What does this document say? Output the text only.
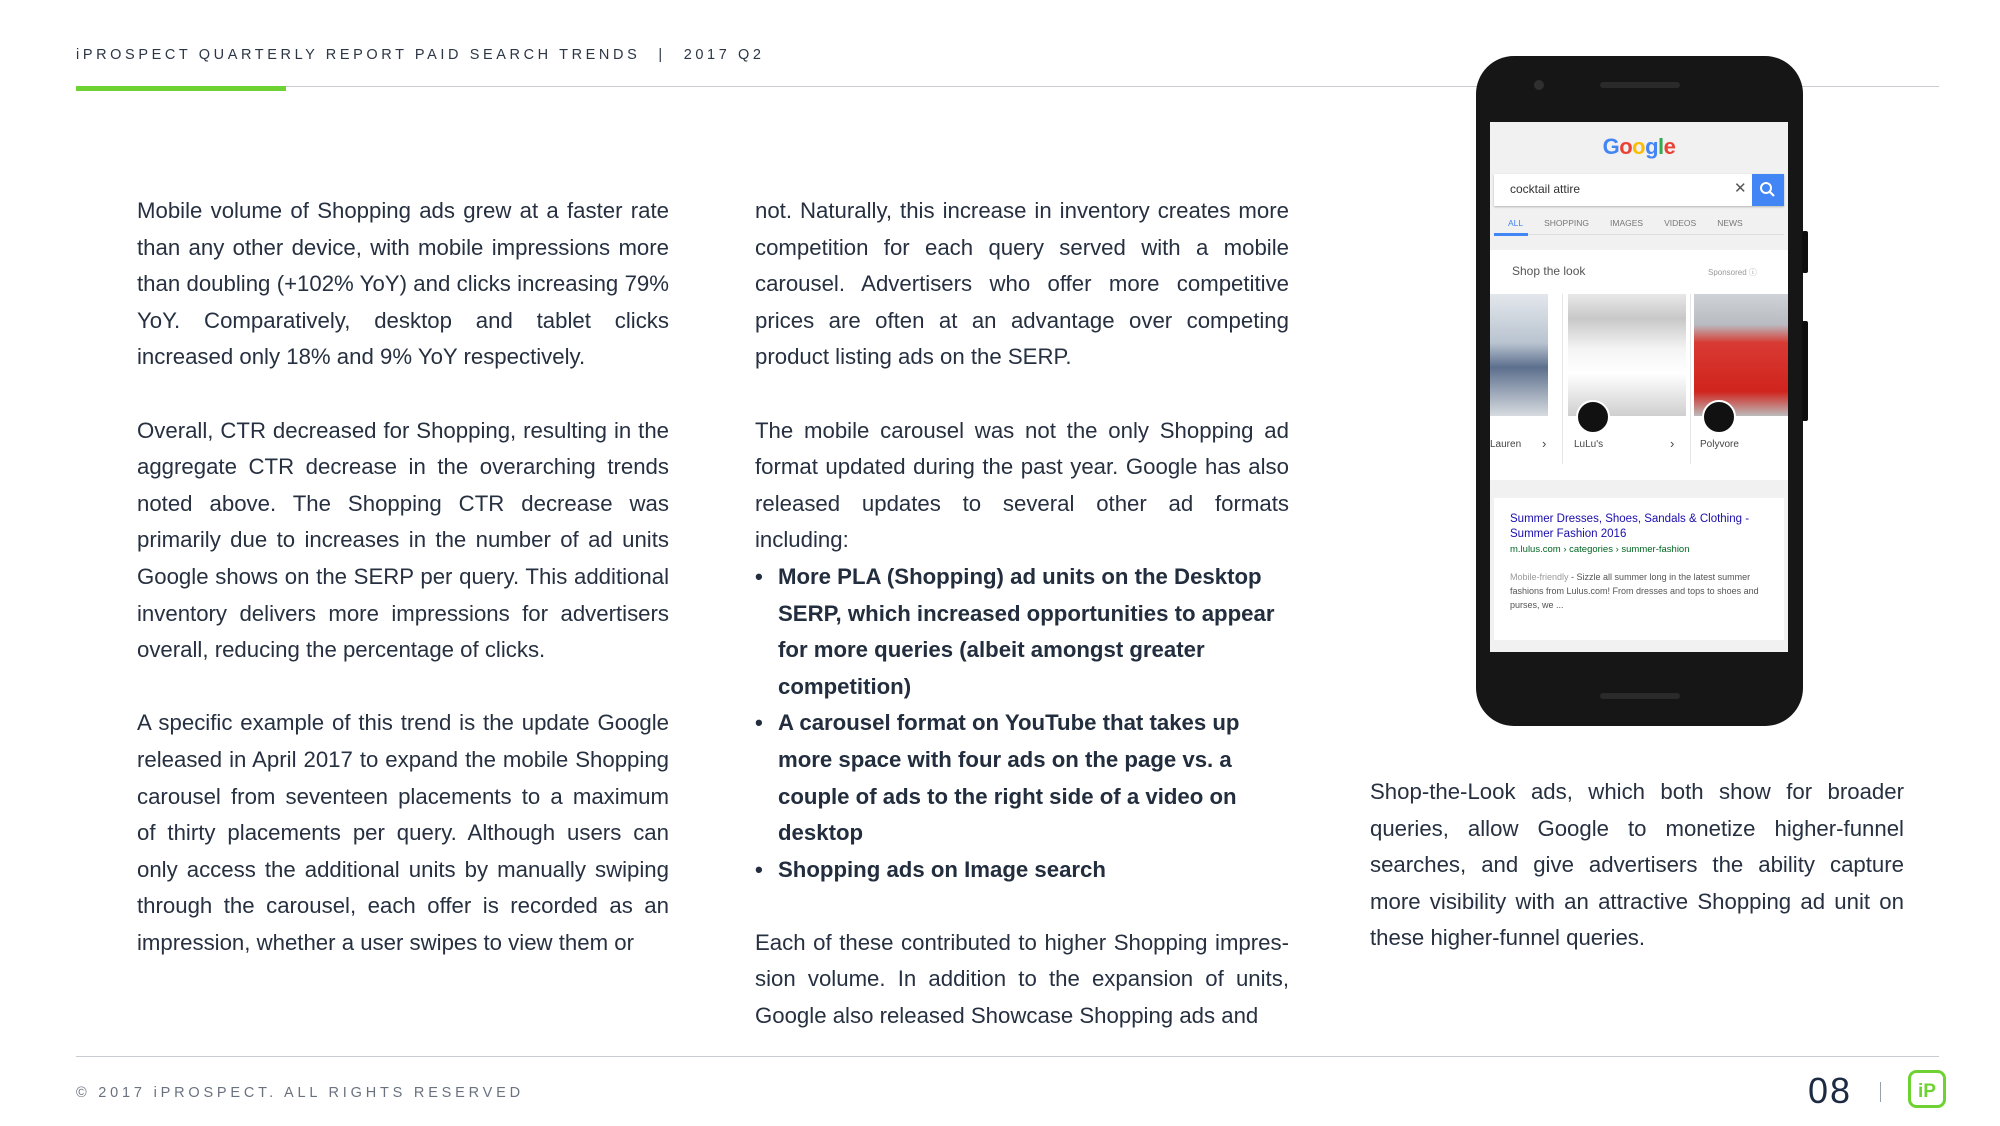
iPROSPECT QUARTERLY REPORT PAID SEARCH TRENDS | 2017 Q2

Mobile volume of Shopping ads grew at a faster rate than any other device, with mobile impressions more than doubling (+102% YoY) and clicks increasing 79% YoY. Comparatively, desktop and tablet clicks increased only 18% and 9% YoY respectively.

Overall, CTR decreased for Shopping, resulting in the aggregate CTR decrease in the overarching trends noted above. The Shopping CTR decrease was primarily due to increases in the number of ad units Google shows on the SERP per query. This additional inventory delivers more impressions for advertisers overall, reducing the percentage of clicks.

A specific example of this trend is the update Google released in April 2017 to expand the mobile Shopping carousel from seventeen placements to a maximum of thirty placements per query. Although users can only access the additional units by manually swiping through the carousel, each offer is recorded as an impression, whether a user swipes to view them or

not. Naturally, this increase in inventory creates more competition for each query served with a mobile carousel. Advertisers who offer more competitive prices are often at an advantage over competing product listing ads on the SERP.

The mobile carousel was not the only Shopping ad format updated during the past year. Google has also released updates to several other ad formats including:

• More PLA (Shopping) ad units on the Desktop SERP, which increased opportunities to appear for more queries (albeit amongst greater competition)
• A carousel format on YouTube that takes up more space with four ads on the page vs. a couple of ads to the right side of a video on desktop
• Shopping ads on Image search

Each of these contributed to higher Shopping impres-sion volume. In addition to the expansion of units, Google also released Showcase Shopping ads and

Google
cocktail attire	✕
ALL SHOPPING IMAGES VIDEOS NEWS
Shop the look	Sponsored ⓘ
Lauren ›	LuLu's	›	Polyvore
Summer Dresses, Shoes, Sandals & Clothing - Summer Fashion 2016
m.lulus.com › categories › summer-fashion
Mobile-friendly - Sizzle all summer long in the latest summer fashions from Lulus.com! From dresses and tops to shoes and purses, we ...

Shop-the-Look ads, which both show for broader queries, allow Google to monetize higher-funnel searches, and give advertisers the ability capture more visibility with an attractive Shopping ad unit on these higher-funnel queries.

© 2017 iPROSPECT. ALL RIGHTS RESERVED	08	iP
